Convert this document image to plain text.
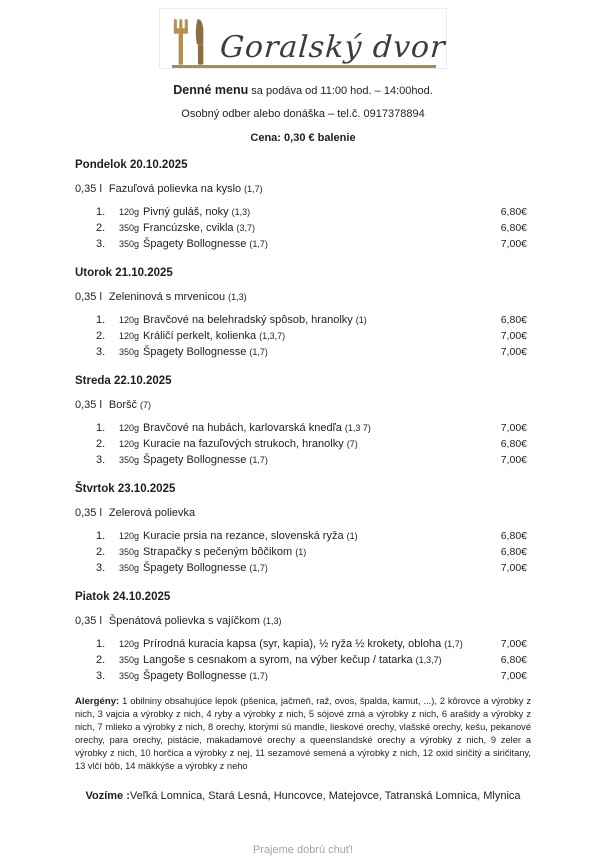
Goralský dvor
Denné menu sa podáva od 11:00 hod. – 14:00hod.
Osobný odber alebo donáška – tel.č. 0917378894
Cena: 0,30 € balenie
Pondelok 20.10.2025
0,35 l Fazuľová polievka na kyslo (1,7)
1.	120g Pivný guláš, noky (1,3)	6,80€
2.	350g Francúzske, cvikla (3,7)	6,80€
3.	350g Špagety Bollognesse (1,7)	7,00€
Utorok 21.10.2025
0,35 l Zeleninová s mrvenicou (1,3)
1.	120g Bravčové na belehradský spôsob, hranolky (1)	6,80€
2.	120g Králičí perkelt, kolienka (1,3,7)	7,00€
3.	350g Špagety Bollognesse (1,7)	7,00€
Streda 22.10.2025
0,35 l Boršč (7)
1.	120g Bravčové na hubách, karlovarská knedľa (1,3 7)	7,00€
2.	120g Kuracie na fazuľových strukoch, hranolky (7)	6,80€
3.	350g Špagety Bollognesse (1,7)	7,00€
Štvrtok 23.10.2025
0,35 l Zelerová polievka
1.	120g Kuracie prsia na rezance, slovenská ryža (1)	6,80€
2.	350g Strapačky s pečeným bôčikom (1)	6,80€
3.	350g Špagety Bollognesse (1,7)	7,00€
Piatok 24.10.2025
0,35 l Špenátová polievka s vajíčkom (1,3)
1.	120g Prírodná kuracia kapsa (syr, kapia), ½ ryža ½ krokety, obloha (1,7)	7,00€
2.	350g Langoše s cesnakom a syrom, na výber kečup / tatarka (1,3,7)	6,80€
3.	350g Špagety Bollognesse (1,7)	7,00€
Alergény: 1 obilniny obsahujúce lepok (pšenica, jačmeň, raž, ovos, špalda, kamut, ...), 2 kôrovce a výrobky z nich, 3 vajcia a výrobky z nich, 4 ryby a výrobky z nich, 5 sójové zrná a výrobky z nich, 6 arašidy a výrobky z nich, 7 mlieko a výrobky z nich, 8 orechy, ktorými sú mandle, lieskové orechy, vlašské orechy, kešu, pekanové orechy, para orechy, pistácie, makadamové orechy a queenslandské orechy a výrobky z nich, 9 zeler a výrobky z nich, 10 horčica a výrobky z nej, 11 sezamové semená a výrobky z nich, 12 oxid siričitý a siričitany, 13 vlčí bôb, 14 mäkkýše a výrobky z neho
Vozíme :Veľká Lomnica, Stará Lesná, Huncovce, Matejovce, Tatranská Lomnica, Mlynica
Prajeme dobrú chuť!
